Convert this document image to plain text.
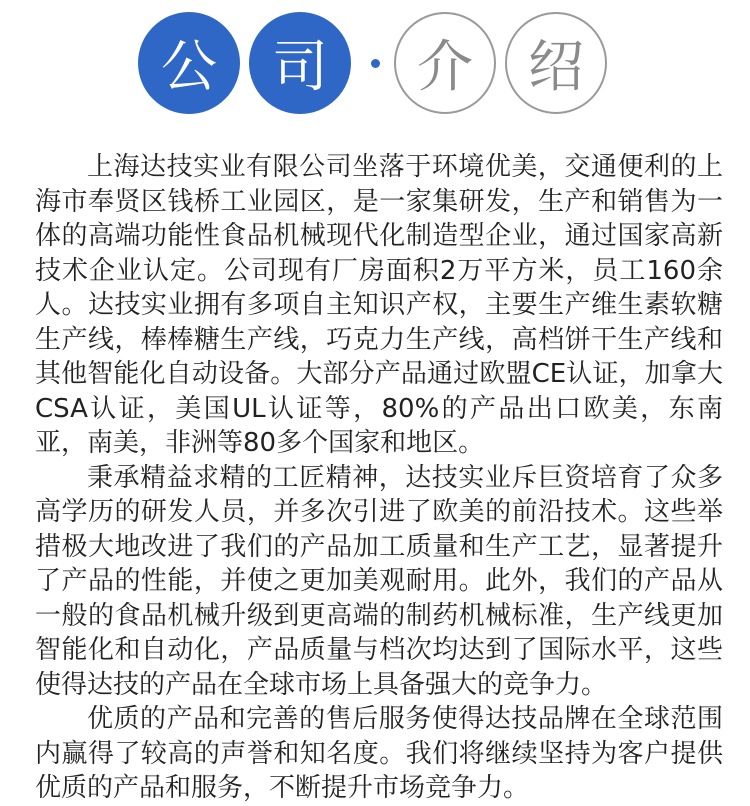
公 司	介 绍

上海达技实业有限公司坐落于环境优美，交通便利的上海市奉贤区钱桥工业园区，是一家集研发，生产和销售为一体的高端功能性食品机械现代化制造型企业，通过国家高新技术企业认定。公司现有厂房面积2万平方米，员工160余人。达技实业拥有多项自主知识产权，主要生产维生素软糖生产线，棒棒糖生产线，巧克力生产线，高档饼干生产线和其他智能化自动设备。大部分产品通过欧盟CE认证，加拿大CSA认证，美国UL认证等，80%的产品出口欧美，东南亚，南美，非洲等80多个国家和地区。

秉承精益求精的工匠精神，达技实业斥巨资培育了众多高学历的研发人员，并多次引进了欧美的前沿技术。这些举措极大地改进了我们的产品加工质量和生产工艺，显著提升了产品的性能，并使之更加美观耐用。此外，我们的产品从一般的食品机械升级到更高端的制药机械标准，生产线更加智能化和自动化，产品质量与档次均达到了国际水平，这些使得达技的产品在全球市场上具备强大的竞争力。

优质的产品和完善的售后服务使得达技品牌在全球范围内赢得了较高的声誉和知名度。我们将继续坚持为客户提供优质的产品和服务，不断提升市场竞争力。
